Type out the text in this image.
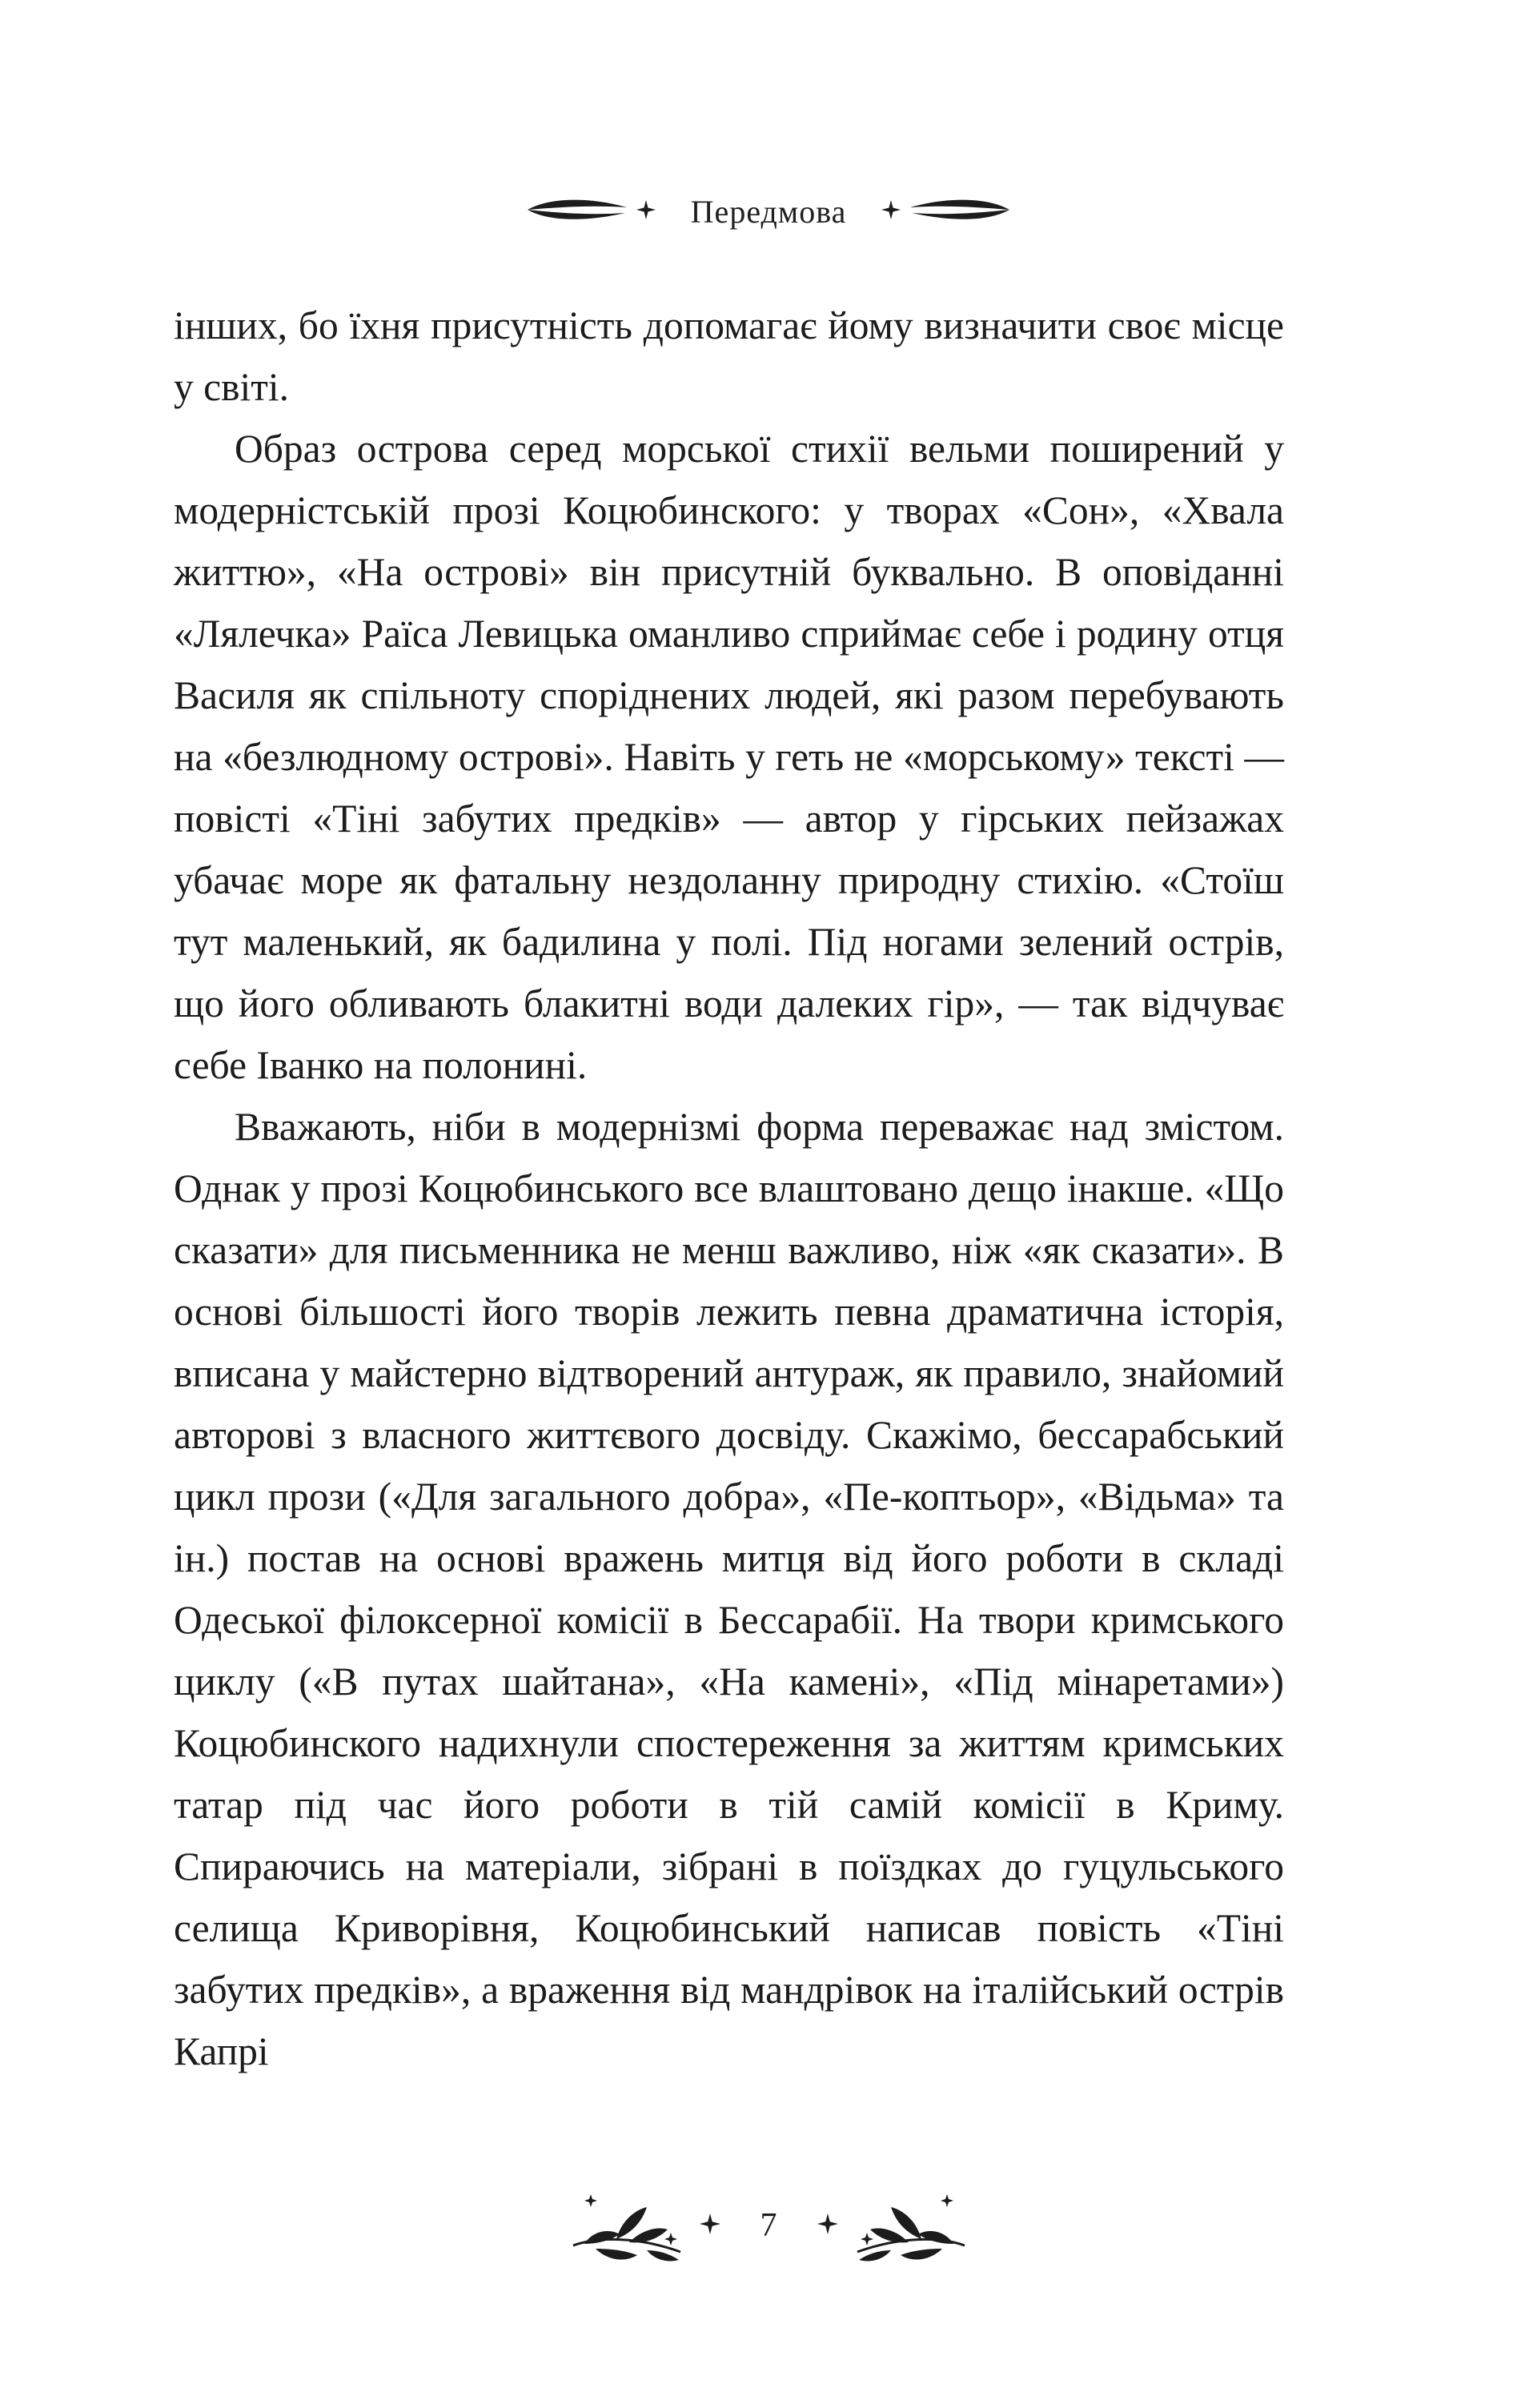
Передмова

інших, бо їхня присутність допомагає йому визначити своє місце у світі.

Образ острова серед морської стихії вельми поширений у модерністській прозі Коцюбинского: у творах «Сон», «Хвала життю», «На острові» він присутній буквально. В оповіданні «Лялечка» Раїса Левицька оманливо сприймає себе і родину отця Василя як спільноту споріднених людей, які разом перебувають на «безлюдному острові». Навіть у геть не «морському» тексті — повісті «Тіні забутих предків» — автор у гірських пейзажах убачає море як фатальну нездоланну природну стихію. «Стоїш тут маленький, як бадилина у полі. Під ногами зелений острів, що його обливають блакитні води далеких гір», — так відчуває себе Іванко на полонині.

Вважають, ніби в модернізмі форма переважає над змістом. Однак у прозі Коцюбинського все влаштовано дещо інакше. «Що сказати» для письменника не менш важливо, ніж «як сказати». В основі більшості його творів лежить певна драматична історія, вписана у майстерно відтворений антураж, як правило, знайомий авторові з власного життєвого досвіду. Скажімо, бессарабський цикл прози («Для загального добра», «Пе-коптьор», «Відьма» та ін.) постав на основі вражень митця від його роботи в складі Одеської філоксерної комісії в Бессарабії. На твори кримського циклу («В путах шайтана», «На камені», «Під мінаретами») Коцюбинского надихнули спостереження за життям кримських татар під час його роботи в тій самій комісії в Криму. Спираючись на матеріали, зібрані в поїздках до гуцульського селища Криворівня, Коцюбинський написав повість «Тіні забутих предків», а враження від мандрівок на італійський острів Капрі

7
